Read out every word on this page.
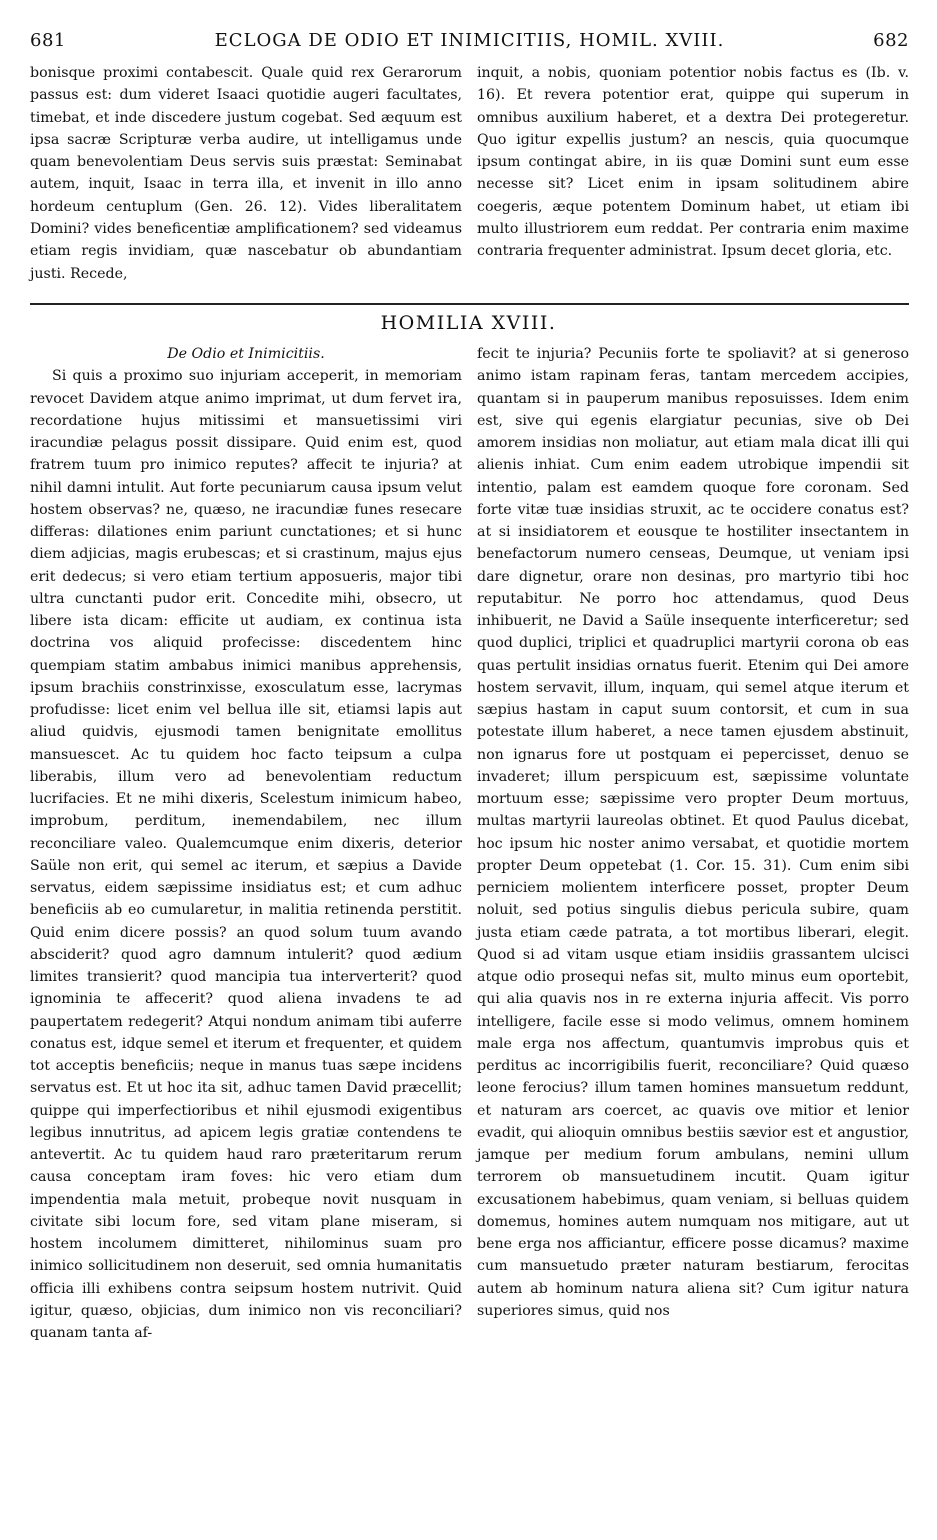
681	ECLOGA DE ODIO ET INIMICITIIS, HOMIL. XVIII.	682

bonisque proximi contabescit. Quale quid rex Gerarorum passus est: dum videret Isaaci quotidie augeri facultates, timebat, et inde discedere justum cogebat. Sed æquum est ipsa sacræ Scripturæ verba audire, ut intelligamus unde quam benevolentiam Deus servis suis præstat: Seminabat autem, inquit, Isaac in terra illa, et invenit in illo anno hordeum centuplum (Gen. 26. 12). Vides liberalitatem Domini? vides beneficentiæ amplificationem? sed videamus etiam regis invidiam, quæ nascebatur ob abundantiam justi. Recede,

inquit, a nobis, quoniam potentior nobis factus es (Ib. v. 16). Et revera potentior erat, quippe qui superum in omnibus auxilium haberet, et a dextra Dei protegeretur. Quo igitur expellis justum? an nescis, quia quocumque ipsum contingat abire, in iis quæ Domini sunt eum esse necesse sit? Licet enim in ipsam solitudinem abire coegeris, æque potentem Dominum habet, ut etiam ibi multo illustriorem eum reddat. Per contraria enim maxime contraria frequenter administrat. Ipsum decet gloria, etc.

HOMILIA XVIII.

De Odio et Inimicitiis.

Si quis a proximo suo injuriam acceperit, in memoriam revocet Davidem atque animo imprimat, ut dum fervet ira, recordatione hujus mitissimi et mansuetissimi viri iracundiæ pelagus possit dissipare. Quid enim est, quod fratrem tuum pro inimico reputes? affecit te injuria? at nihil damni intulit. Aut forte pecuniarum causa ipsum velut hostem observas? ne, quæso, ne iracundiæ funes resecare differas: dilationes enim pariunt cunctationes; et si hunc diem adjicias, magis erubescas; et si crastinum, majus ejus erit dedecus; si vero etiam tertium apposueris, major tibi ultra cunctanti pudor erit. Concedite mihi, obsecro, ut libere ista dicam: efficite ut audiam, ex continua ista doctrina vos aliquid profecisse: discedentem hinc quempiam statim ambabus inimici manibus apprehensis, ipsum brachiis constrinxisse, exosculatum esse, lacrymas profudisse: licet enim vel bellua ille sit, etiamsi lapis aut aliud quidvis, ejusmodi tamen benignitate emollitus mansuescet. Ac tu quidem hoc facto teipsum a culpa liberabis, illum vero ad benevolentiam reductum lucrifacies. Et ne mihi dixeris, Scelestum inimicum habeo, improbum, perditum, inemendabilem, nec illum reconciliare valeo. Qualemcumque enim dixeris, deterior Saüle non erit, qui semel ac iterum, et sæpius a Davide servatus, eidem sæpissime insidiatus est; et cum adhuc beneficiis ab eo cumularetur, in malitia retinenda perstitit. Quid enim dicere possis? an quod solum tuum avando absciderit? quod agro damnum intulerit? quod ædium limites transierit? quod mancipia tua interverterit? quod ignominia te affecerit? quod aliena invadens te ad paupertatem redegerit? Atqui nondum animam tibi auferre conatus est, idque semel et iterum et frequenter, et quidem tot acceptis beneficiis; neque in manus tuas sæpe incidens servatus est. Et ut hoc ita sit, adhuc tamen David præcellit; quippe qui imperfectioribus et nihil ejusmodi exigentibus legibus innutritus, ad apicem legis gratiæ contendens te antevertit. Ac tu quidem haud raro præteritarum rerum causa conceptam iram foves: hic vero etiam dum impendentia mala metuit, probeque novit nusquam in civitate sibi locum fore, sed vitam plane miseram, si hostem incolumem dimitteret, nihilominus suam pro inimico sollicitudinem non deseruit, sed omnia humanitatis officia illi exhibens contra seipsum hostem nutrivit. Quid igitur, quæso, objicias, dum inimico non vis reconciliari? quanam tanta af-

fecit te injuria? Pecuniis forte te spoliavit? at si generoso animo istam rapinam feras, tantam mercedem accipies, quantam si in pauperum manibus reposuisses. Idem enim est, sive qui egenis elargiatur pecunias, sive ob Dei amorem insidias non moliatur, aut etiam mala dicat illi qui alienis inhiat. Cum enim eadem utrobique impendii sit intentio, palam est eamdem quoque fore coronam. Sed forte vitæ tuæ insidias struxit, ac te occidere conatus est? at si insidiatorem et eousque te hostiliter insectantem in benefactorum numero censeas, Deumque, ut veniam ipsi dare dignetur, orare non desinas, pro martyrio tibi hoc reputabitur. Ne porro hoc attendamus, quod Deus inhibuerit, ne David a Saüle insequente interficeretur; sed quod duplici, triplici et quadruplici martyrii corona ob eas quas pertulit insidias ornatus fuerit. Etenim qui Dei amore hostem servavit, illum, inquam, qui semel atque iterum et sæpius hastam in caput suum contorsit, et cum in sua potestate illum haberet, a nece tamen ejusdem abstinuit, non ignarus fore ut postquam ei pepercisset, denuo se invaderet; illum perspicuum est, sæpissime voluntate mortuum esse; sæpissime vero propter Deum mortuus, multas martyrii laureolas obtinet. Et quod Paulus dicebat, hoc ipsum hic noster animo versabat, et quotidie mortem propter Deum oppetebat (1. Cor. 15. 31). Cum enim sibi perniciem molientem interficere posset, propter Deum noluit, sed potius singulis diebus pericula subire, quam justa etiam cæde patrata, a tot mortibus liberari, elegit. Quod si ad vitam usque etiam insidiis grassantem ulcisci atque odio prosequi nefas sit, multo minus eum oportebit, qui alia quavis nos in re externa injuria affecit. Vis porro intelligere, facile esse si modo velimus, omnem hominem male erga nos affectum, quantumvis improbus quis et perditus ac incorrigibilis fuerit, reconciliare? Quid quæso leone ferocius? illum tamen homines mansuetum reddunt, et naturam ars coercet, ac quavis ove mitior et lenior evadit, qui alioquin omnibus bestiis sævior est et angustior, jamque per medium forum ambulans, nemini ullum terrorem ob mansuetudinem incutit. Quam igitur excusationem habebimus, quam veniam, si belluas quidem domemus, homines autem numquam nos mitigare, aut ut bene erga nos afficiantur, efficere posse dicamus? maxime cum mansuetudo præter naturam bestiarum, ferocitas autem ab hominum natura aliena sit? Cum igitur natura superiores simus, quid nos
